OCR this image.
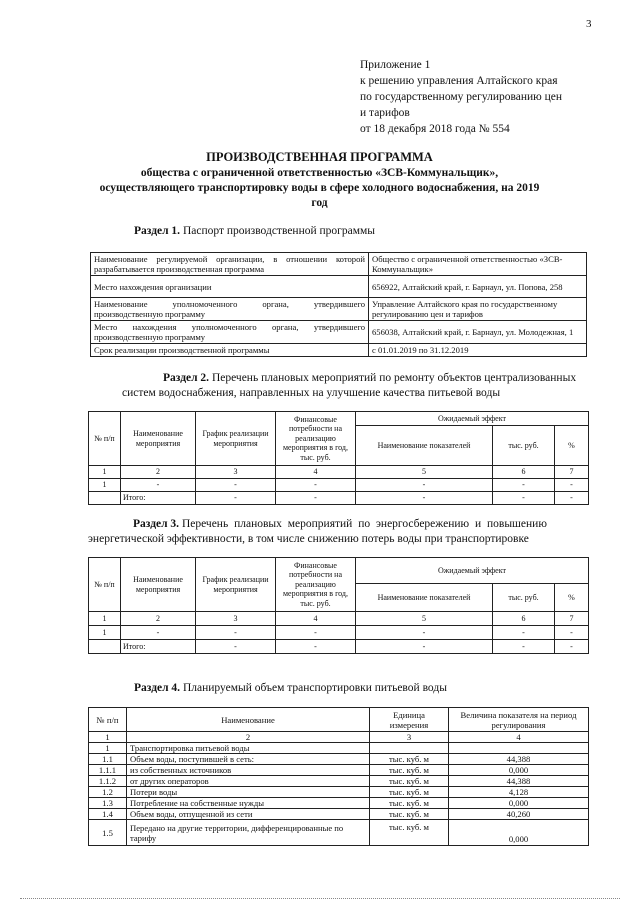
3
Приложение 1
к решению управления Алтайского края
по государственному регулированию цен
и тарифов
от 18 декабря 2018 года № 554
ПРОИЗВОДСТВЕННАЯ ПРОГРАММА
общества с ограниченной ответственностью «ЗСВ-Коммунальщик»,
осуществляющего транспортировку воды в сфере холодного водоснабжения, на 2019
год
Раздел 1. Паспорт производственной программы
Наименование регулируемой организации, в отношении которой разрабатывается производственная программа	Общество с ограниченной ответственностью «ЗСВ-Коммунальщик»
Место нахождения организации	656922, Алтайский край, г. Барнаул, ул. Попова, 258
Наименование уполномоченного органа, утвердившего производственную программу	Управление Алтайского края по государственному регулированию цен и тарифов
Место нахождения уполномоченного органа, утвердившего производственную программу	656038, Алтайский край, г. Барнаул, ул. Молодежная, 1
Срок реализации производственной программы	с 01.01.2019 по 31.12.2019
Раздел 2. Перечень плановых мероприятий по ремонту объектов централизованных
систем водоснабжения, направленных на улучшение качества питьевой воды
№ п/п	Наименование мероприятия	График реализации мероприятия	Финансовые потребности на реализацию мероприятия в год, тыс. руб.	Ожидаемый эффект		
				Наименование показателей	тыс. руб.	%
1	2	3	4	5	6	7
1	-	-	-	-	-	-
	Итого:	-	-	-	-	-
Раздел 3. Перечень плановых мероприятий по энергосбережению и повышению
энергетической эффективности, в том числе снижению потерь воды при транспортировке
№ п/п	Наименование мероприятия	График реализации мероприятия	Финансовые потребности на реализацию мероприятия в год, тыс. руб.	Ожидаемый эффект		
				Наименование показателей	тыс. руб.	%
1	2	3	4	5	6	7
1	-	-	-	-	-	-
	Итого:	-	-	-	-	-
Раздел 4. Планируемый объем транспортировки питьевой воды
№ п/п	Наименование	Единица измерения	Величина показателя на период регулирования
1	2	3	4
1	Транспортировка питьевой воды		
1.1	Объем воды, поступившей в сеть:	тыс. куб. м	44,388
1.1.1	из собственных источников	тыс. куб. м	0,000
1.1.2	от других операторов	тыс. куб. м	44,388
1.2	Потери воды	тыс. куб. м	4,128
1.3	Потребление на собственные нужды	тыс. куб. м	0,000
1.4	Объем воды, отпущенной из сети	тыс. куб. м	40,260
1.5	Передано на другие территории, дифференцированные по тарифу	тыс. куб. м	0,000
